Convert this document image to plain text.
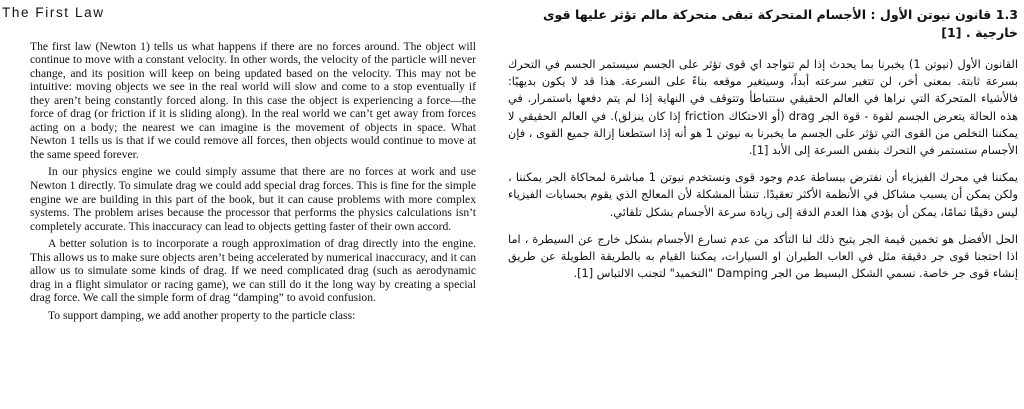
The First Law

The first law (Newton 1) tells us what happens if there are no forces around. The object will continue to move with a constant velocity. In other words, the velocity of the particle will never change, and its position will keep on being updated based on the velocity. This may not be intuitive: moving objects we see in the real world will slow and come to a stop eventually if they aren’t being constantly forced along. In this case the object is experiencing a force—the force of drag (or friction if it is sliding along). In the real world we can’t get away from forces acting on a body; the nearest we can imagine is the movement of objects in space. What Newton 1 tells us is that if we could remove all forces, then objects would continue to move at the same speed forever.

In our physics engine we could simply assume that there are no forces at work and use Newton 1 directly. To simulate drag we could add special drag forces. This is fine for the simple engine we are building in this part of the book, but it can cause problems with more complex systems. The problem arises because the processor that performs the physics calculations isn’t completely accurate. This inaccuracy can lead to objects getting faster of their own accord.

A better solution is to incorporate a rough approximation of drag directly into the engine. This allows us to make sure objects aren’t being accelerated by numerical inaccuracy, and it can allow us to simulate some kinds of drag. If we need complicated drag (such as aerodynamic drag in a flight simulator or racing game), we can still do it the long way by creating a special drag force. We call the simple form of drag “damping” to avoid confusion.

To support damping, we add another property to the particle class:

1.3 قانون نيوتن الأول : الأجسام المتحركة تبقى متحركة مالم تؤثر عليها قوى خارجية . [1]

القانون الأول (نيوتن 1) يخبرنا بما يحدث إذا لم تتواجد اي قوى تؤثر على الجسم سيستمر الجسم في التحرك بسرعة ثابتة. بمعنى أخر، لن تتغير سرعته أبداً، وسيتغير موقعه بناءً على السرعة. هذا قد لا يكون بديهيًا: فالأشياء المتحركة التي نراها في العالم الحقيقي ستتباطأ وتتوقف في النهاية إذا لم يتم دفعها باستمرار. في هذه الحالة يتعرض الجسم لقوة - قوة الجر drag (أو الاحتكاك friction إذا كان ينزلق). في العالم الحقيقي لا يمكننا التخلص من القوى التي تؤثر على الجسم ما يخبرنا به نيوتن 1 هو أنه إذا استطعنا إزالة جميع القوى ، فإن الأجسام ستستمر في التحرك بنفس السرعة إلى الأبد [1].

يمكننا في محرك الفيزياء أن نفترض ببساطة عدم وجود قوى ونستخدم نيوتن 1 مباشرة لمحاكاة الجر يمكننا ، ولكن يمكن أن يسبب مشاكل في الأنظمة الأكثر تعقيدًا. تنشأ المشكلة لأن المعالج الذي يقوم بحسابات الفيزياء ليس دقيقًا تمامًا، يمكن أن يؤدي هذا العدم الدقة إلى زيادة سرعة الأجسام بشكل تلقائي.

الحل الأفضل هو تخمين قيمة الجر يتيح ذلك لنا التأكد من عدم تسارع الأجسام بشكل خارج عن السيطرة ، اما اذا احتجنا قوى جر دقيقة مثل في العاب الطيران او السيارات، يمكننا القيام به بالطريقة الطويلة عن طريق إنشاء قوى جر خاصة. نسمي الشكل البسيط من الجر Damping "التخميد" لتجنب الالتباس [1].
